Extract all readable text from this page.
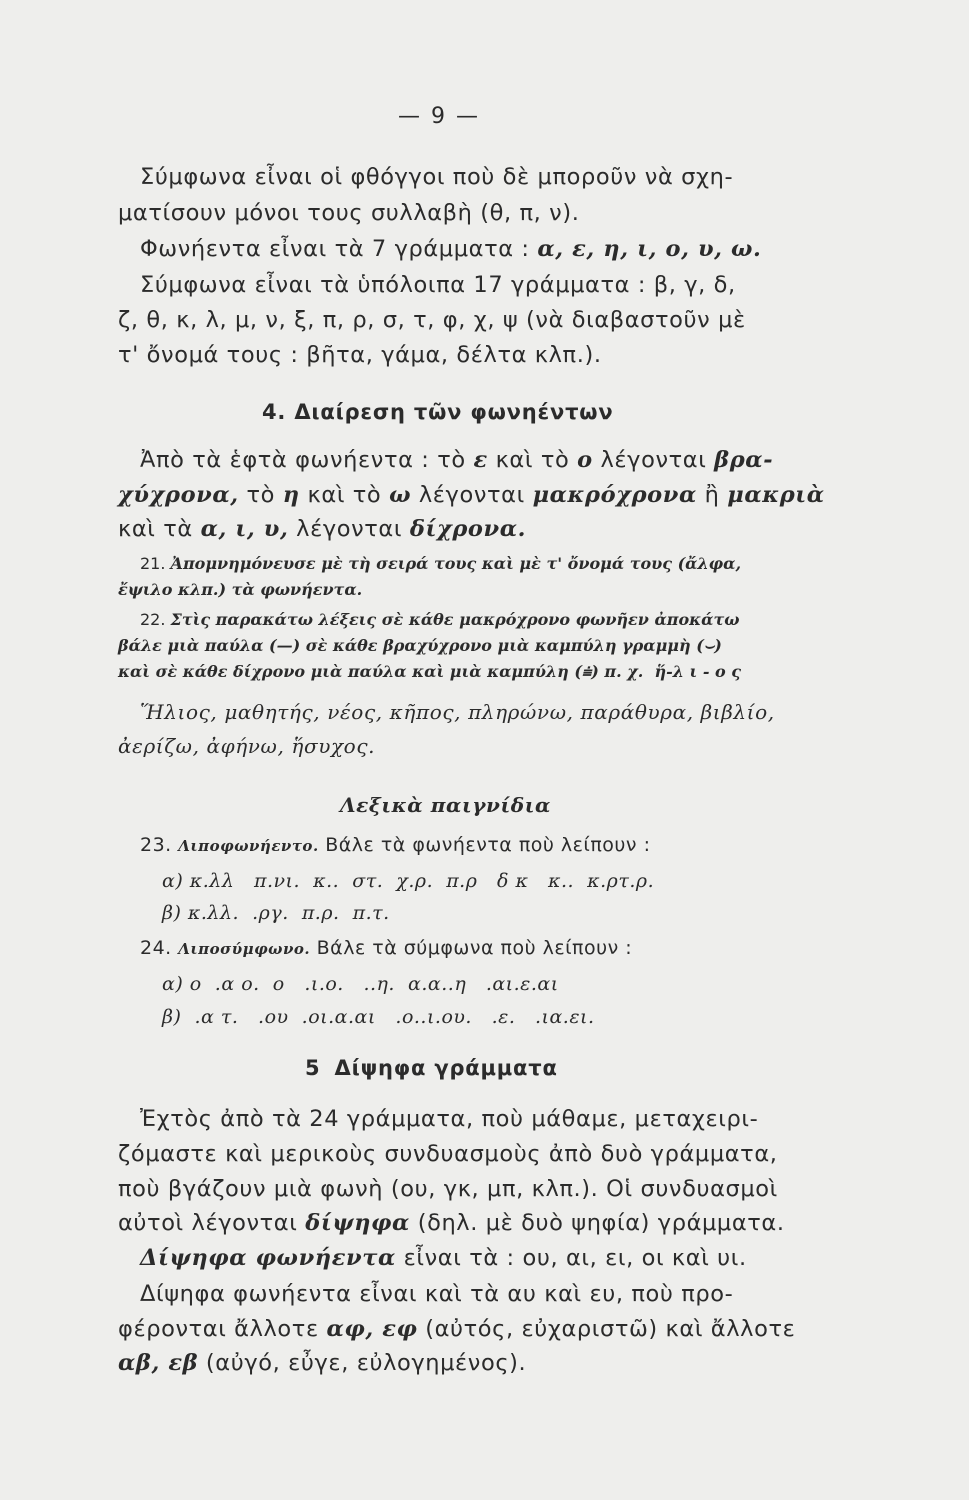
— 9 —
Σύμφωνα εἶναι οἱ φθόγγοι ποὺ δὲ μποροῦν νὰ σχη-
ματίσουν μόνοι τους συλλαβὴ (θ, π, ν).
Φωνήεντα εἶναι τὰ 7 γράμματα : α, ε, η, ι, ο, υ, ω.
Σύμφωνα εἶναι τὰ ὑπόλοιπα 17 γράμματα : β, γ, δ,
ζ, θ, κ, λ, μ, ν, ξ, π, ρ, σ, τ, φ, χ, ψ (νὰ διαβαστοῦν μὲ
τ' ὄνομά τους : βῆτα, γάμα, δέλτα κλπ.).
4. Διαίρεση τῶν φωνηέντων
Ἀπὸ τὰ ἑφτὰ φωνήεντα : τὸ ε καὶ τὸ ο λέγονται βρα-
χύχρονα, τὸ η καὶ τὸ ω λέγονται μακρόχρονα ἢ μακριὰ
καὶ τὰ α, ι, υ, λέγονται δίχρονα.
21. Ἀπομνημόνευσε μὲ τὴ σειρά τους καὶ μὲ τ' ὄνομά τους (ἄλφα,
ἔψιλο κλπ.) τὰ φωνήεντα.
22. Στὶς παρακάτω λέξεις σὲ κάθε μακρόχρονο φωνῆεν ἀποκάτω
βάλε μιὰ παύλα (—) σὲ κάθε βραχύχρονο μιὰ καμπύλη γραμμὴ (⌣)
καὶ σὲ κάθε δίχρονο μιὰ παύλα καὶ μιὰ καμπύλη (⩧) π. χ. ἥ-λ ι - ο ς
Ἥλιος, μαθητής, νέος, κῆπος, πληρώνω, παράθυρα, βιβλίο,
ἀερίζω, ἀφήνω, ἥσυχος.
Λεξικὰ παιγνίδια
23. Λιποφωνήεντο. Βάλε τὰ φωνήεντα ποὺ λείπουν :
α) κ.λλ   π.νι.  κ..  στ.  χ.ρ.  π.ρ   δ κ   κ..  κ.ρτ.ρ.
β) κ.λλ.  .ργ.  π.ρ.  π.τ.
24. Λιποσύμφωνο. Βάλε τὰ σύμφωνα ποὺ λείπουν :
α) ο  .α ο.  ο   .ι.ο.   ..η.  α.α..η   .αι.ε.αι
β)  .α τ.   .ου  .οι.α.αι   .ο..ι.ου.   .ε.   .ια.ει.
5 Δίψηφα γράμματα
Ἐχτὸς ἀπὸ τὰ 24 γράμματα, ποὺ μάθαμε, μεταχειρι-
ζόμαστε καὶ μερικοὺς συνδυασμοὺς ἀπὸ δυὸ γράμματα,
ποὺ βγάζουν μιὰ φωνὴ (ου, γκ, μπ, κλπ.). Οἱ συνδυασμοὶ
αὐτοὶ λέγονται δίψηφα (δηλ. μὲ δυὸ ψηφία) γράμματα.
Δίψηφα φωνήεντα εἶναι τὰ : ου, αι, ει, οι καὶ υι.
Δίψηφα φωνήεντα εἶναι καὶ τὰ αυ καὶ ευ, ποὺ προ-
φέρονται ἄλλοτε αφ, εφ (αὐτός, εὐχαριστῶ) καὶ ἄλλοτε
αβ, εβ (αὐγό, εὖγε, εὐλογημένος).
